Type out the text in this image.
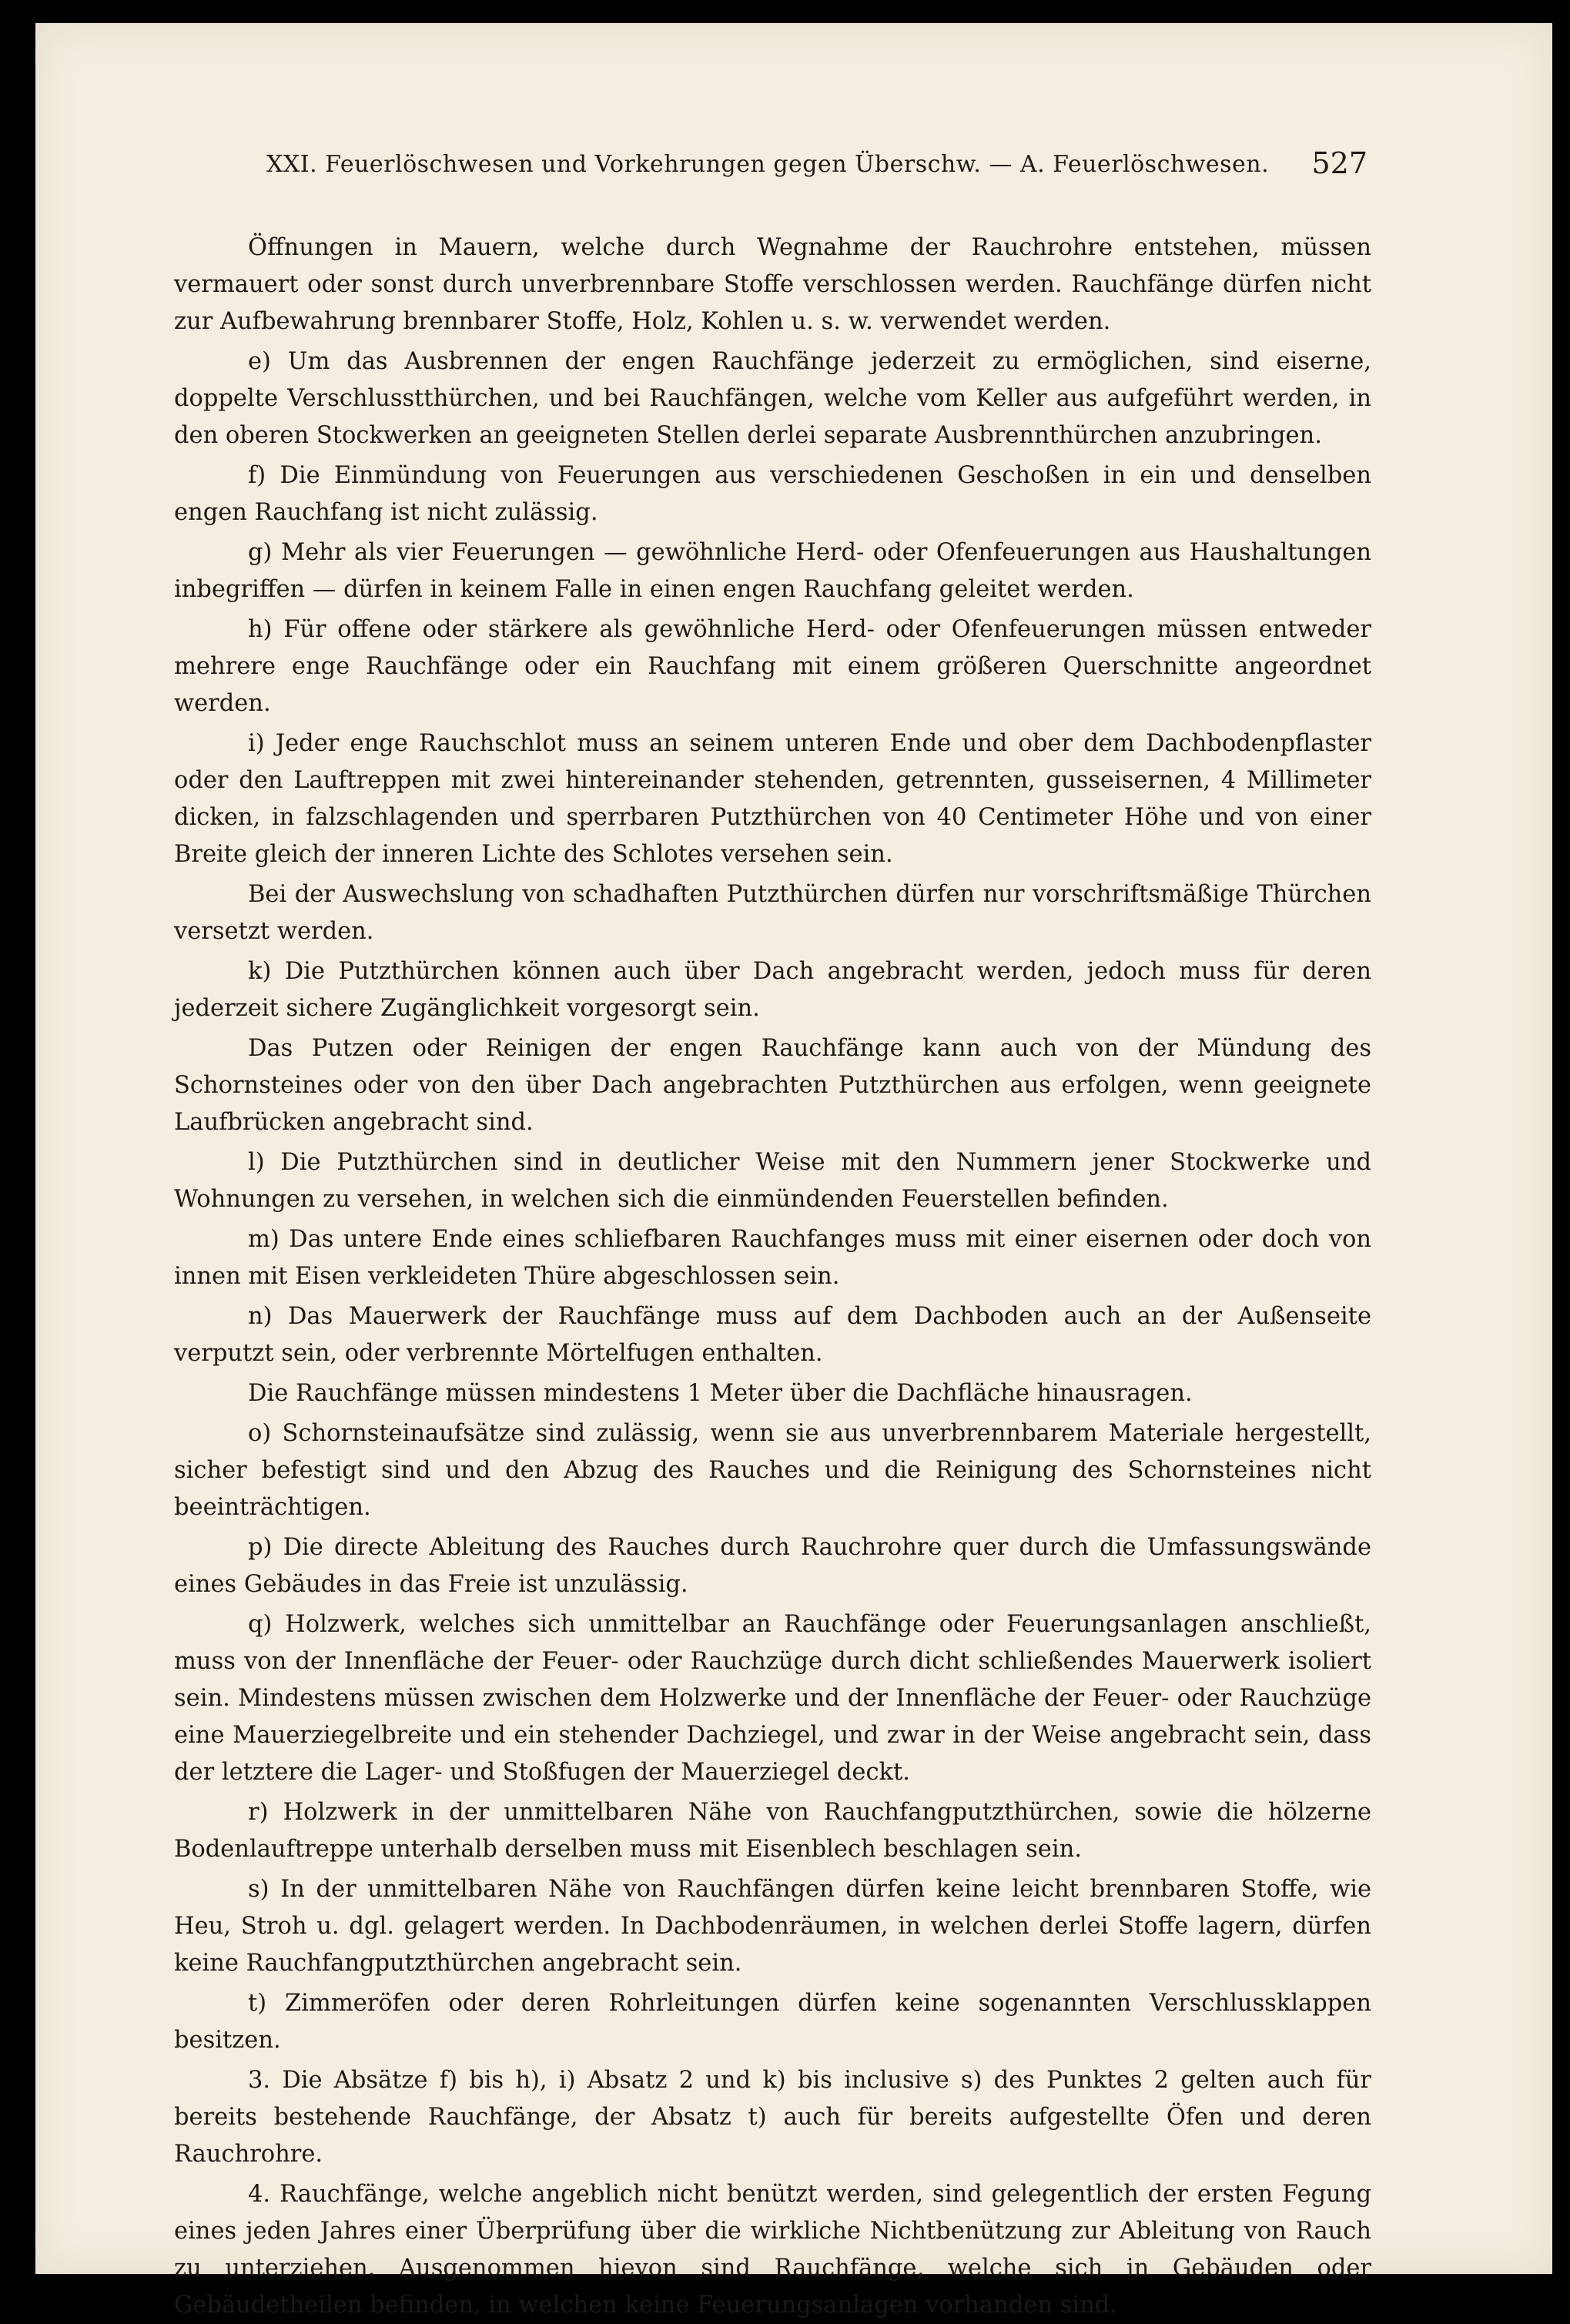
XXI. Feuerlöschwesen und Vorkehrungen gegen Überschw. — A. Feuerlöschwesen. 527

Öffnungen in Mauern, welche durch Wegnahme der Rauchrohre entstehen, müssen vermauert oder sonst durch unverbrennbare Stoffe verschlossen werden. Rauchfänge dürfen nicht zur Aufbewahrung brennbarer Stoffe, Holz, Kohlen u. s. w. verwendet werden.

e) Um das Ausbrennen der engen Rauchfänge jederzeit zu ermöglichen, sind eiserne, doppelte Verschlusstthürchen, und bei Rauchfängen, welche vom Keller aus aufgeführt werden, in den oberen Stockwerken an geeigneten Stellen derlei separate Ausbrennthürchen anzubringen.

f) Die Einmündung von Feuerungen aus verschiedenen Geschoßen in ein und denselben engen Rauchfang ist nicht zulässig.

g) Mehr als vier Feuerungen — gewöhnliche Herd- oder Ofenfeuerungen aus Haushaltungen inbegriffen — dürfen in keinem Falle in einen engen Rauchfang geleitet werden.

h) Für offene oder stärkere als gewöhnliche Herd- oder Ofenfeuerungen müssen entweder mehrere enge Rauchfänge oder ein Rauchfang mit einem größeren Querschnitte angeordnet werden.

i) Jeder enge Rauchschlot muss an seinem unteren Ende und ober dem Dachbodenpflaster oder den Lauftreppen mit zwei hintereinander stehenden, getrennten, gusseisernen, 4 Millimeter dicken, in falzschlagenden und sperrbaren Putzthürchen von 40 Centimeter Höhe und von einer Breite gleich der inneren Lichte des Schlotes versehen sein.

Bei der Auswechslung von schadhaften Putzthürchen dürfen nur vorschriftsmäßige Thürchen versetzt werden.

k) Die Putzthürchen können auch über Dach angebracht werden, jedoch muss für deren jederzeit sichere Zugänglichkeit vorgesorgt sein.

Das Putzen oder Reinigen der engen Rauchfänge kann auch von der Mündung des Schornsteines oder von den über Dach angebrachten Putzthürchen aus erfolgen, wenn geeignete Laufbrücken angebracht sind.

l) Die Putzthürchen sind in deutlicher Weise mit den Nummern jener Stockwerke und Wohnungen zu versehen, in welchen sich die einmündenden Feuerstellen befinden.

m) Das untere Ende eines schliefbaren Rauchfanges muss mit einer eisernen oder doch von innen mit Eisen verkleideten Thüre abgeschlossen sein.

n) Das Mauerwerk der Rauchfänge muss auf dem Dachboden auch an der Außenseite verputzt sein, oder verbrennte Mörtelfugen enthalten.

Die Rauchfänge müssen mindestens 1 Meter über die Dachfläche hinausragen.

o) Schornsteinaufsätze sind zulässig, wenn sie aus unverbrennbarem Materiale hergestellt, sicher befestigt sind und den Abzug des Rauches und die Reinigung des Schornsteines nicht beeinträchtigen.

p) Die directe Ableitung des Rauches durch Rauchrohre quer durch die Umfassungswände eines Gebäudes in das Freie ist unzulässig.

q) Holzwerk, welches sich unmittelbar an Rauchfänge oder Feuerungsanlagen anschließt, muss von der Innenfläche der Feuer- oder Rauchzüge durch dicht schließendes Mauerwerk isoliert sein. Mindestens müssen zwischen dem Holzwerke und der Innenfläche der Feuer- oder Rauchzüge eine Mauerziegelbreite und ein stehender Dachziegel, und zwar in der Weise angebracht sein, dass der letztere die Lager- und Stoßfugen der Mauerziegel deckt.

r) Holzwerk in der unmittelbaren Nähe von Rauchfangputzthürchen, sowie die hölzerne Bodenlauftreppe unterhalb derselben muss mit Eisenblech beschlagen sein.

s) In der unmittelbaren Nähe von Rauchfängen dürfen keine leicht brennbaren Stoffe, wie Heu, Stroh u. dgl. gelagert werden. In Dachbodenräumen, in welchen derlei Stoffe lagern, dürfen keine Rauchfangputzthürchen angebracht sein.

t) Zimmeröfen oder deren Rohrleitungen dürfen keine sogenannten Verschlussklappen besitzen.

3. Die Absätze f) bis h), i) Absatz 2 und k) bis inclusive s) des Punktes 2 gelten auch für bereits bestehende Rauchfänge, der Absatz t) auch für bereits aufgestellte Öfen und deren Rauchrohre.

4. Rauchfänge, welche angeblich nicht benützt werden, sind gelegentlich der ersten Fegung eines jeden Jahres einer Überprüfung über die wirkliche Nichtbenützung zur Ableitung von Rauch zu unterziehen. Ausgenommen hievon sind Rauchfänge, welche sich in Gebäuden oder Gebäudetheilen befinden, in welchen keine Feuerungsanlagen vorhanden sind.
